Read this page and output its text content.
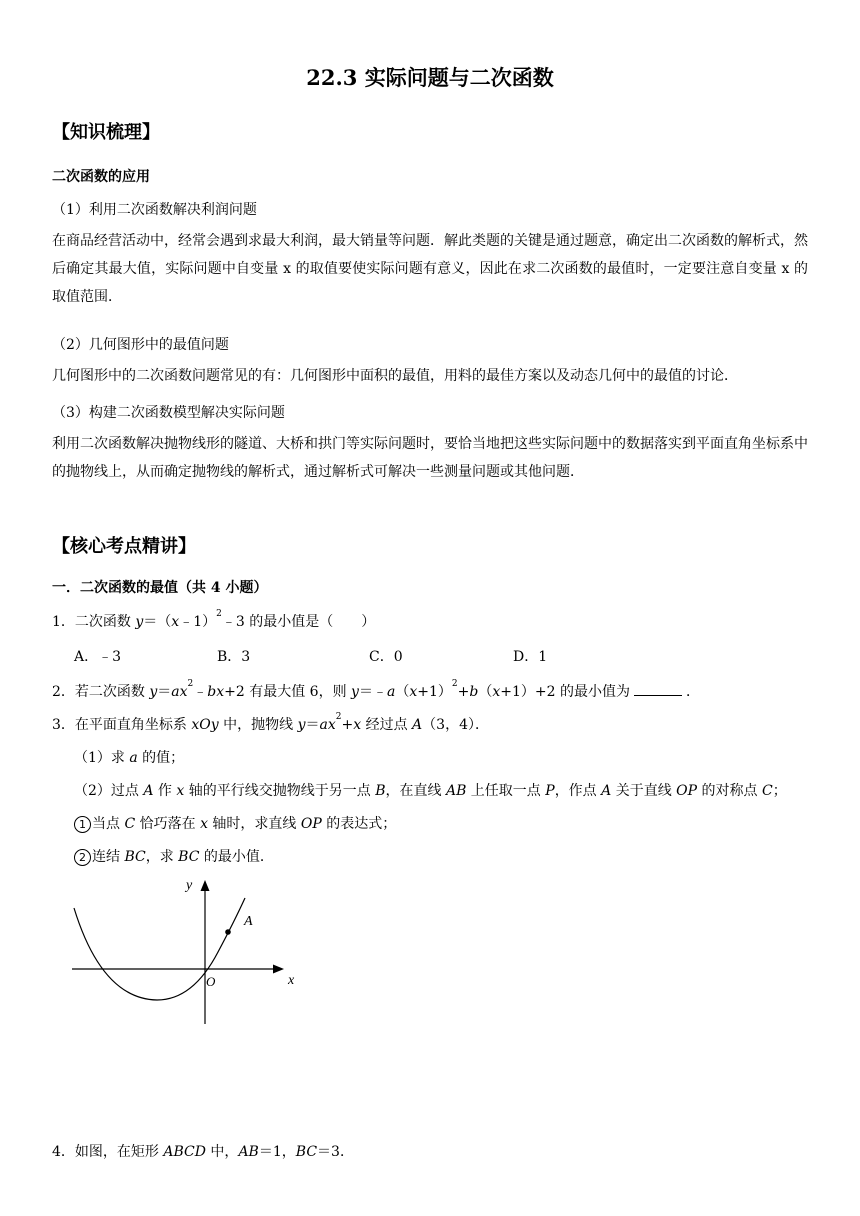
22.3 实际问题与二次函数
【知识梳理】
二次函数的应用
（1）利用二次函数解决利润问题
在商品经营活动中，经常会遇到求最大利润，最大销量等问题．解此类题的关键是通过题意，确定出二次函数的解析式，然后确定其最大值，实际问题中自变量 x 的取值要使实际问题有意义，因此在求二次函数的最值时，一定要注意自变量 x 的取值范围．
（2）几何图形中的最值问题
几何图形中的二次函数问题常见的有：几何图形中面积的最值，用料的最佳方案以及动态几何中的最值的讨论．
（3）构建二次函数模型解决实际问题
利用二次函数解决抛物线形的隧道、大桥和拱门等实际问题时，要恰当地把这些实际问题中的数据落实到平面直角坐标系中的抛物线上，从而确定抛物线的解析式，通过解析式可解决一些测量问题或其他问题．
【核心考点精讲】
一．二次函数的最值（共 4 小题）
1．二次函数 y＝（x﹣1）$^2$﹣3 的最小值是（　　）
A．﹣3	B．3	C．0	D．1
2．若二次函数 $y=ax^2﹣bx+2$ 有最大值 6，则 $y=﹣a(x+1)^2+b(x+1)+2$ 的最小值为	．
3．在平面直角坐标系 xOy 中，抛物线 $y=ax^2+x$ 经过点 A（3，4）．
（1）求 a 的值；
（2）过点 A 作 x 轴的平行线交抛物线于另一点 B，在直线 AB 上任取一点 P，作点 A 关于直线 OP 的对称点 C；
1 当点 C 恰巧落在 x 轴时，求直线 OP 的表达式；
2 连结 BC，求 BC 的最小值．
A
y
x
O
4．如图，在矩形 ABCD 中，AB＝1，BC＝3．
